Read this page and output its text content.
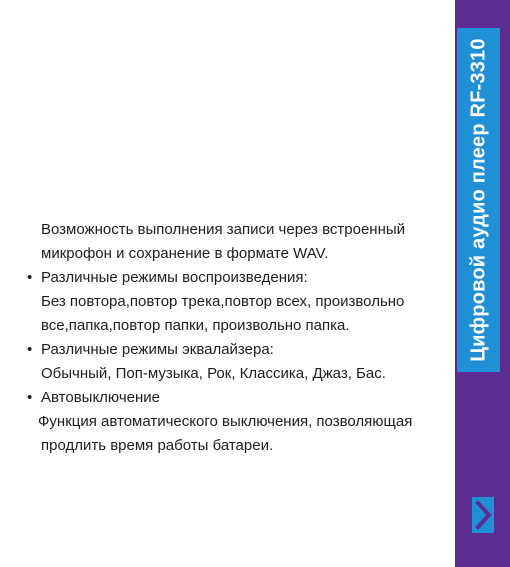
Возможность выполнения записи через встроенный
микрофон и сохранение в формате WAV.
• Различные режимы воспроизведения:
Без повтора,повтор трека,повтор всех, произвольно
все,папка,повтор папки, произвольно папка.
• Различные режимы эквалайзера:
Обычный, Поп-музыка, Рок, Классика, Джаз, Бас.
• Автовыключение
Функция автоматического выключения, позволяющая
продлить время работы батареи.
Цифровой аудио плеер RF-3310
